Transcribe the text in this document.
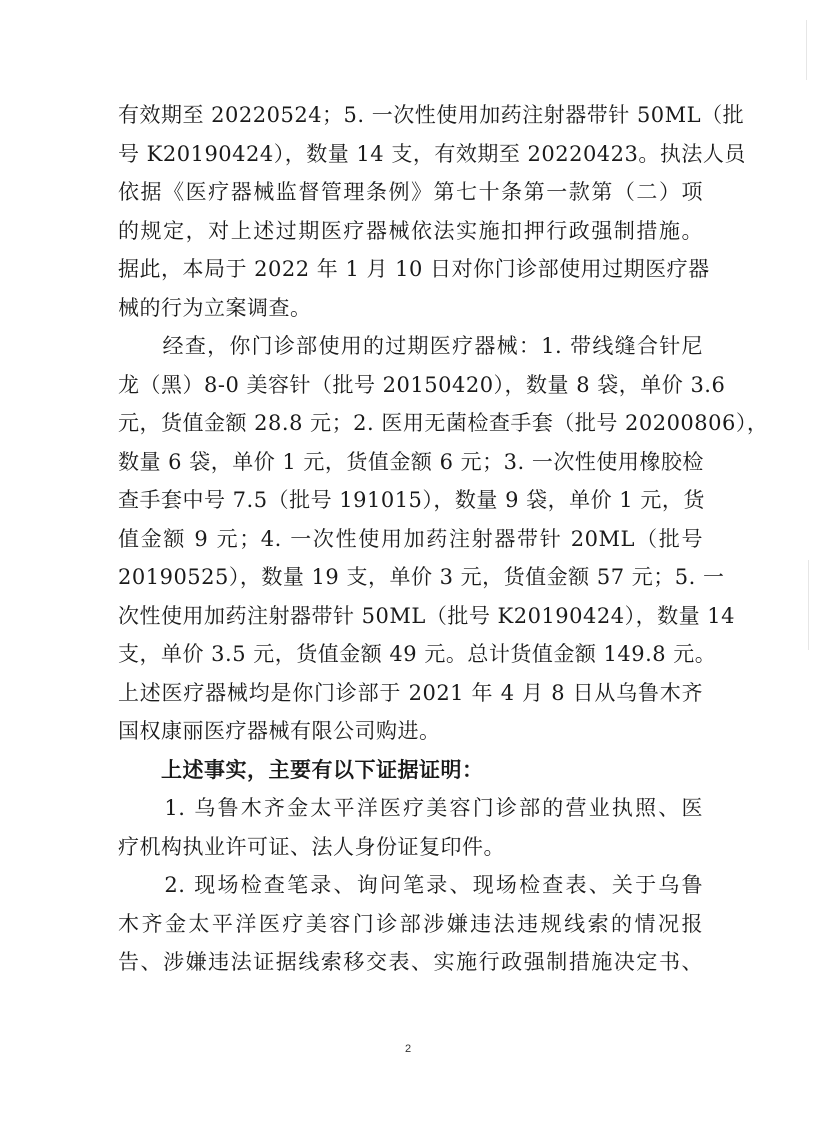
有效期至 20220524；5. 一次性使用加药注射器带针 50ML（批
号 K20190424），数量 14 支，有效期至 20220423。执法人员
依据《医疗器械监督管理条例》第七十条第一款第（二）项
的规定，对上述过期医疗器械依法实施扣押行政强制措施。
据此，本局于 2022 年 1 月 10 日对你门诊部使用过期医疗器
械的行为立案调查。
　　经查，你门诊部使用的过期医疗器械：1. 带线缝合针尼
龙（黑）8-0 美容针（批号 20150420），数量 8 袋，单价 3.6
元，货值金额 28.8 元；2. 医用无菌检查手套（批号 20200806），
数量 6 袋，单价 1 元，货值金额 6 元；3. 一次性使用橡胶检
查手套中号 7.5（批号 191015），数量 9 袋，单价 1 元，货
值金额 9 元；4. 一次性使用加药注射器带针 20ML（批号
20190525），数量 19 支，单价 3 元，货值金额 57 元；5. 一
次性使用加药注射器带针 50ML（批号 K20190424），数量 14
支，单价 3.5 元，货值金额 49 元。总计货值金额 149.8 元。
上述医疗器械均是你门诊部于 2021 年 4 月 8 日从乌鲁木齐
国权康丽医疗器械有限公司购进。
　　上述事实，主要有以下证据证明：
　　1. 乌鲁木齐金太平洋医疗美容门诊部的营业执照、医
疗机构执业许可证、法人身份证复印件。
　　2. 现场检查笔录、询问笔录、现场检查表、关于乌鲁
木齐金太平洋医疗美容门诊部涉嫌违法违规线索的情况报
告、涉嫌违法证据线索移交表、实施行政强制措施决定书、
2
